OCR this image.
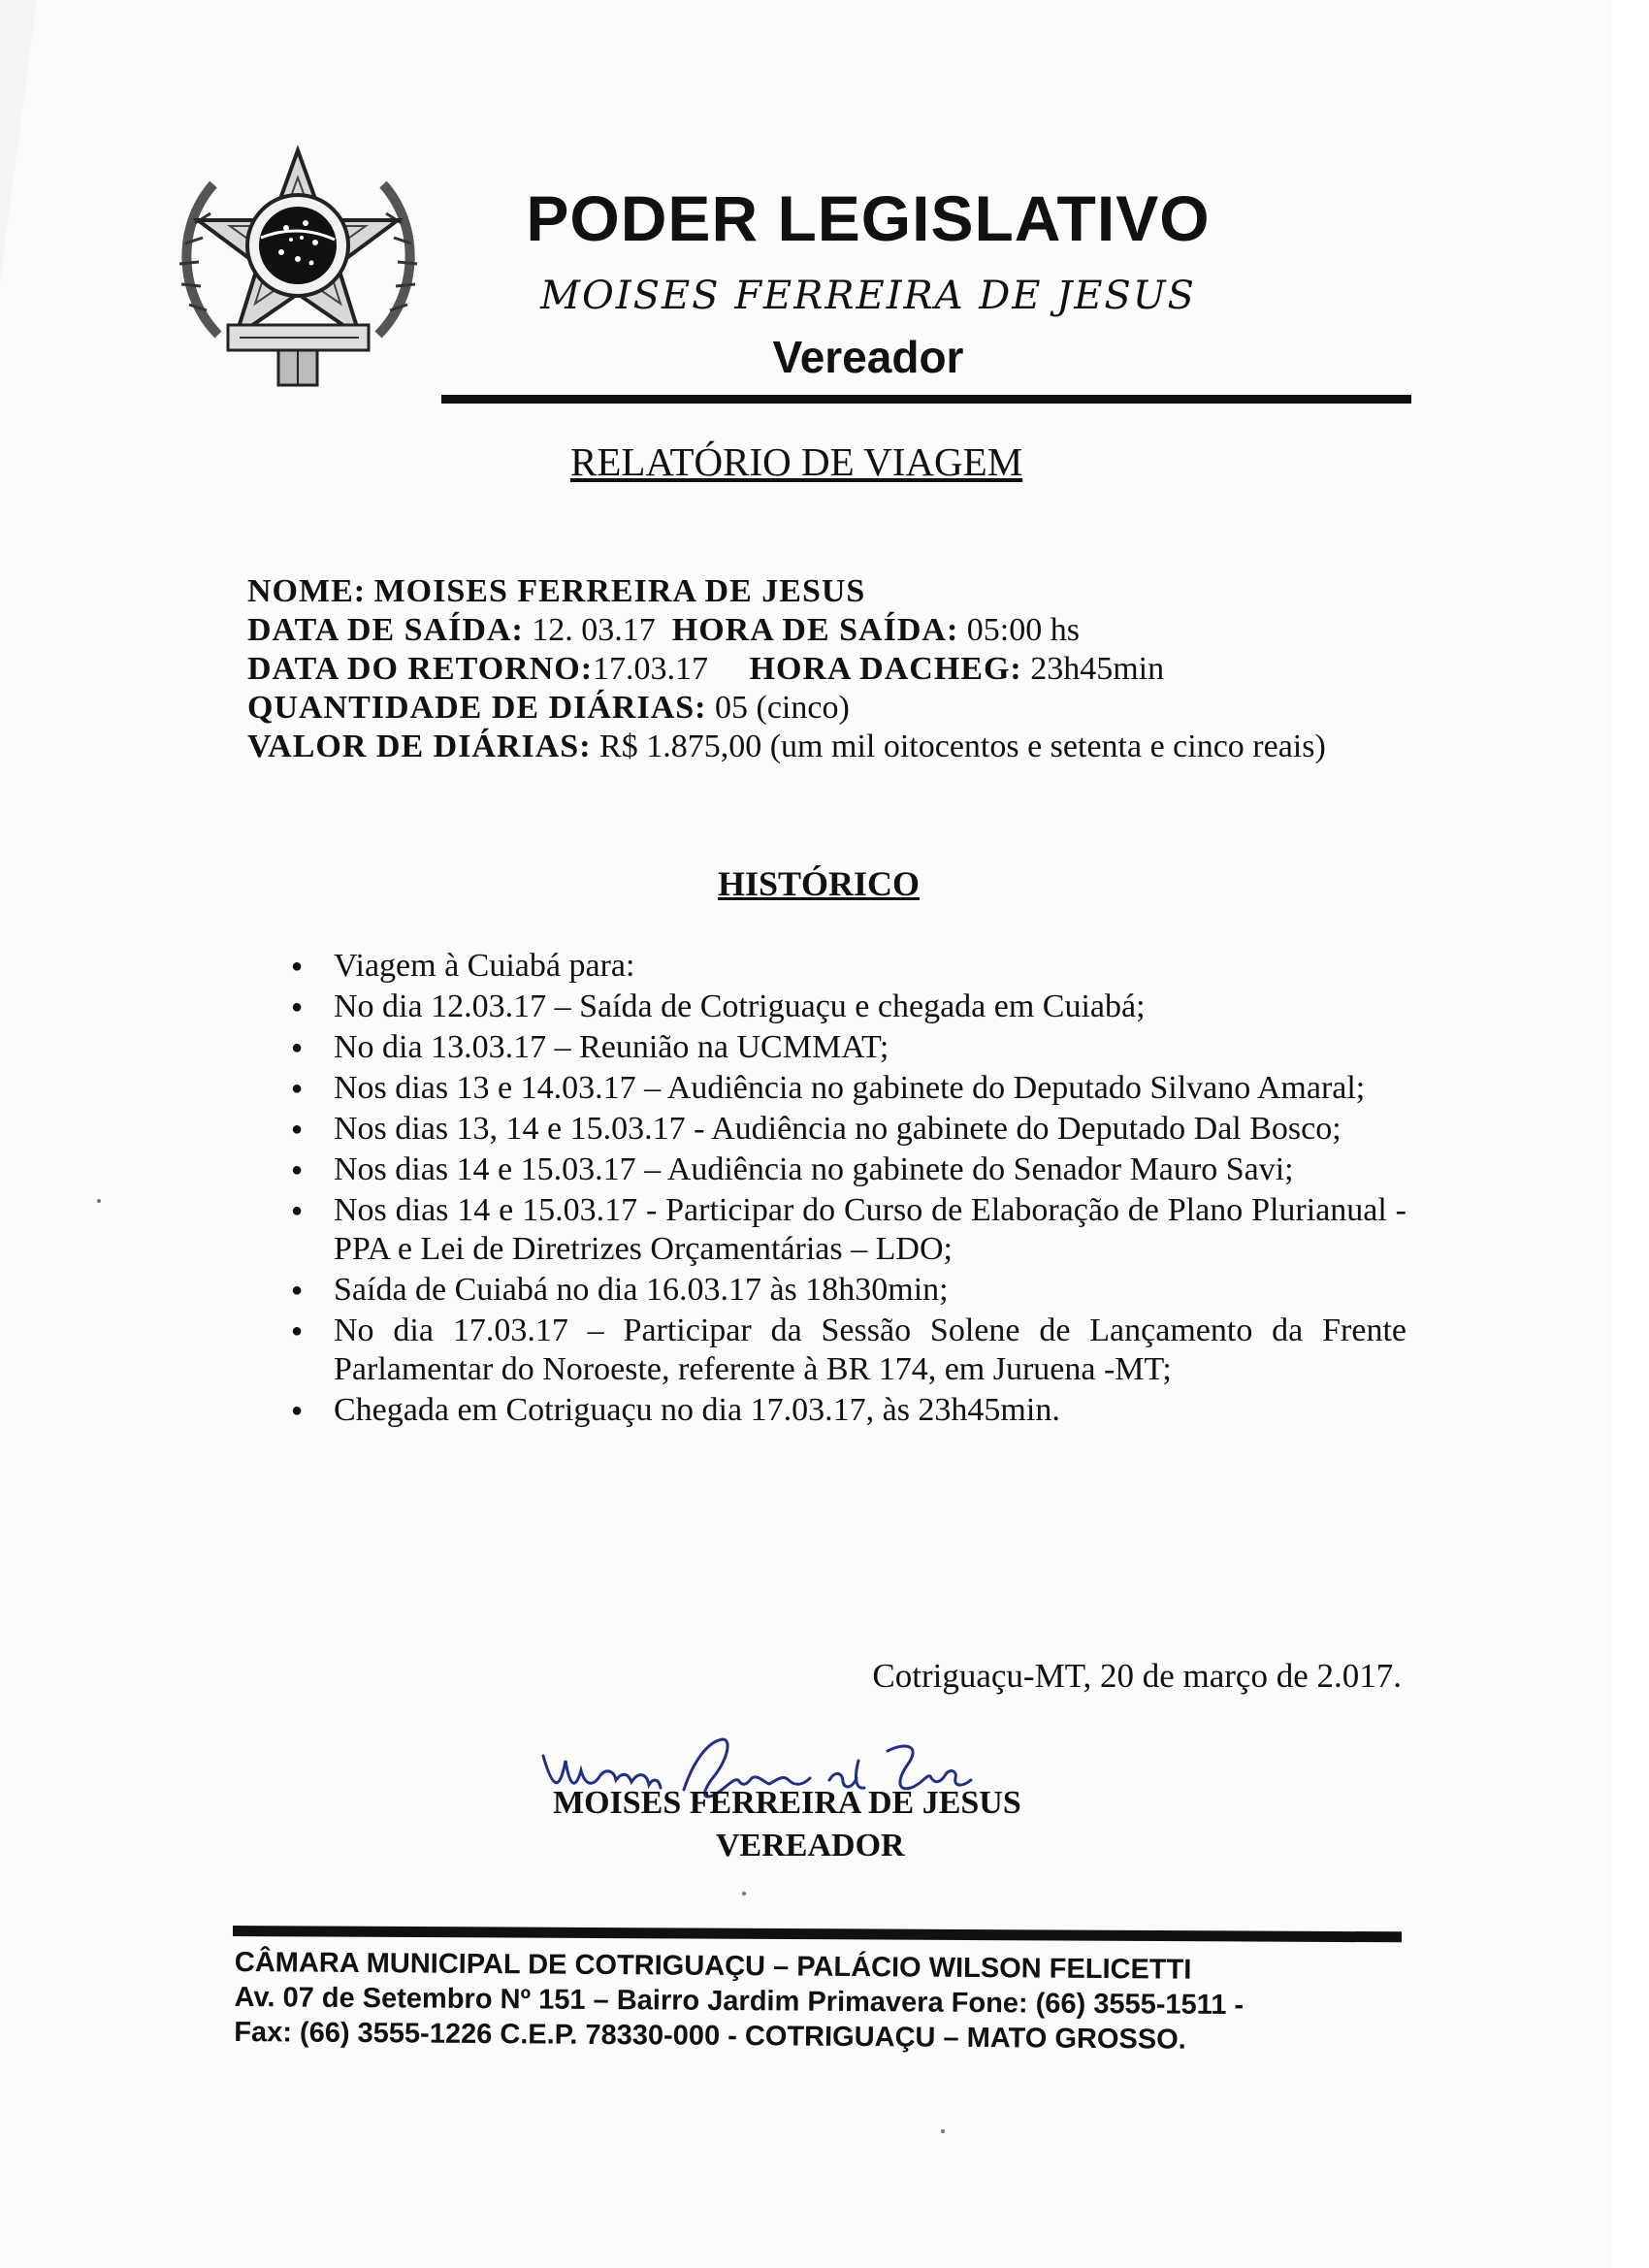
PODER LEGISLATIVO
MOISES FERREIRA DE JESUS
Vereador
RELATÓRIO DE VIAGEM
NOME: MOISES FERREIRA DE JESUS
DATA DE SAÍDA: 12. 03.17 HORA DE SAÍDA: 05:00 hs
DATA DO RETORNO:17.03.17 HORA DACHEG: 23h45min
QUANTIDADE DE DIÁRIAS: 05 (cinco)
VALOR DE DIÁRIAS: R$ 1.875,00 (um mil oitocentos e setenta e cinco reais)
HISTÓRICO
● Viagem à Cuiabá para:
● No dia 12.03.17 – Saída de Cotriguaçu e chegada em Cuiabá;
● No dia 13.03.17 – Reunião na UCMMAT;
● Nos dias 13 e 14.03.17 – Audiência no gabinete do Deputado Silvano Amaral;
● Nos dias 13, 14 e 15.03.17 - Audiência no gabinete do Deputado Dal Bosco;
● Nos dias 14 e 15.03.17 – Audiência no gabinete do Senador Mauro Savi;
● Nos dias 14 e 15.03.17 - Participar do Curso de Elaboração de Plano Plurianual - PPA e Lei de Diretrizes Orçamentárias – LDO;
● Saída de Cuiabá no dia 16.03.17 às 18h30min;
● No dia 17.03.17 – Participar da Sessão Solene de Lançamento da Frente Parlamentar do Noroeste, referente à BR 174, em Juruena -MT;
● Chegada em Cotriguaçu no dia 17.03.17, às 23h45min.

Cotriguaçu-MT, 20 de março de 2.017.

MOISES FERREIRA DE JESUS

VEREADOR

CÂMARA MUNICIPAL DE COTRIGUAÇU – PALÁCIO WILSON FELICETTI
Av. 07 de Setembro Nº 151 – Bairro Jardim Primavera Fone: (66) 3555-1511 -
Fax: (66) 3555-1226 C.E.P. 78330-000 - COTRIGUAÇU – MATO GROSSO.
